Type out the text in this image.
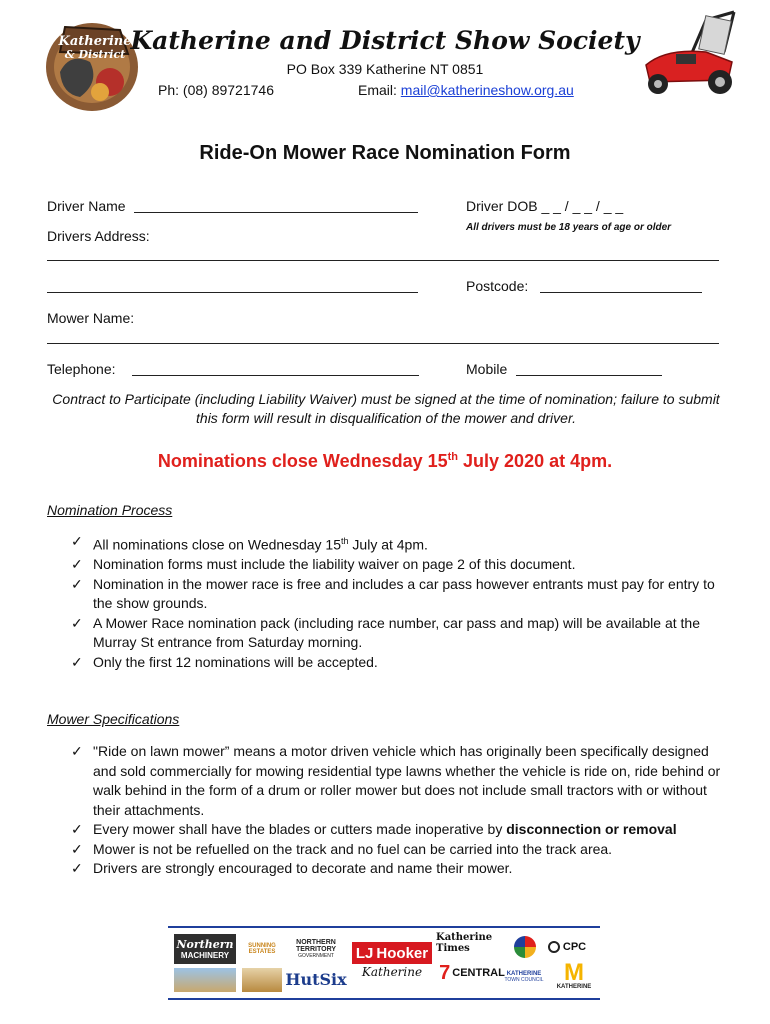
Katherine
& District Katherine and District Show Society
PO Box 339 Katherine NT 0851
Ph: (08) 89721746	Email: mail@katherineshow.org.au
Ride-On Mower Race Nomination Form
Driver Name	Driver DOB _ _ / _ _ / _ _
All drivers must be 18 years of age or older
Drivers Address:
Postcode:
Mower Name:
Telephone:	Mobile
Contract to Participate (including Liability Waiver) must be signed at the time of nomination; failure to submit this form will result in disqualification of the mower and driver.
Nominations close Wednesday 15th July 2020 at 4pm.
Nomination Process
✓ All nominations close on Wednesday 15th July at 4pm.
✓ Nomination forms must include the liability waiver on page 2 of this document.
✓ Nomination in the mower race is free and includes a car pass however entrants must pay for entry to the show grounds.
✓ A Mower Race nomination pack (including race number, car pass and map) will be available at the Murray St entrance from Saturday morning.
✓ Only the first 12 nominations will be accepted.
Mower Specifications
✓ "Ride on lawn mower” means a motor driven vehicle which has originally been specifically designed and sold commercially for mowing residential type lawns whether the vehicle is ride on, ride behind or walk behind in the form of a drum or roller mower but does not include small tractors with or without their attachments.
✓ Every mower shall have the blades or cutters made inoperative by disconnection or removal
✓ Mower is not be refuelled on the track and no fuel can be carried into the track area.
✓ Drivers are strongly encouraged to decorate and name their mower.
Northern
MACHINERY
SUNNING ESTATES
NORTHERN
TERRITORY
GOVERNMENT
HutSix
LJ Hooker
Katherine
Katherine Times
7 CENTRAL
CPC
KATHERINE
TOWN COUNCIL M
KATHERINE
